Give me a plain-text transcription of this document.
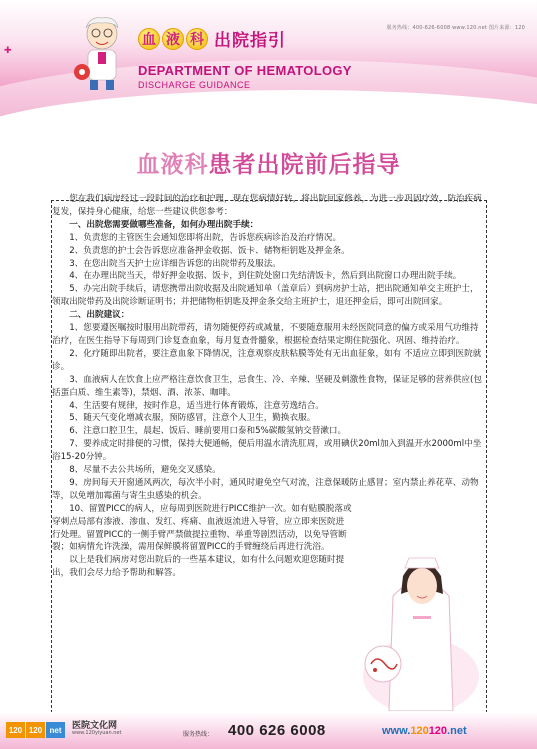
服务热线：400-626-6008 www.120.net 图片来源：120
✚
血 液 科 出院指引
DEPARTMENT OF HEMATOLOGY
DISCHARGE GUIDANCE
血液科患者出院前后指导

您在我们病房经过一段时间的治疗和护理，现在您病情好转，将出院回家修养，为进一步巩固疗效，防治疾病复发，保持身心健康，给您一些建议供您参考：

一、出院您需要做哪些准备，如何办理出院手续：

1、负责您的主管医生会通知您即将出院，告诉您疾病诊治及治疗情况。

2、负责您的护士会告诉您应准备押金收据、饭卡、储物柜钥匙及押金条。

3、在您出院当天护士应详细告诉您的出院带药及服法。

4、在办理出院当天，带好押金收据、饭卡，到住院处窗口先结清饭卡，然后到出院窗口办理出院手续。

5、办完出院手续后，请您携带出院收据及出院通知单（盖章后）到病房护士站，把出院通知单交主班护士，领取出院带药及出院诊断证明书；并把储物柜钥匙及押金条交给主班护士，退还押金后，即可出院回家。

二、出院建议：

1、您要遵医嘱按时服用出院带药，请勿随便停药或减量，不要随意服用未经医院同意的偏方或采用气功维持治疗，在医生指导下每周到门诊复查血象，每月复查骨髓象，根据检查结果定期住院强化、巩固、维持治疗。

2、化疗随即出院者，要注意血象下降情况，注意观察皮肤粘膜等处有无出血征象，如有 不适应立即到医院就诊。

3、血液病人在饮食上应严格注意饮食卫生，忌食生、冷、辛辣、坚硬及刺激性食物，保证足够的营养供应(包括蛋白质、维生素等)，禁烟、酒、浓茶、咖啡。

4、生活要有规律，按时作息，适当进行体育锻炼，注意劳逸结合。

5、随天气变化增减衣服，预防感冒，注意个人卫生，勤换衣服。

6、注意口腔卫生，晨起、饭后、睡前要用口泰和5%碳酸氢钠交替漱口。

7、要养成定时排便的习惯，保持大便通畅，便后用温水清洗肛周，或用碘伏20ml加入到温开水2000ml中坐浴15-20分钟。

8、尽量不去公共场所，避免交叉感染。

9、房间每天开窗通风两次，每次半小时，通风时避免空气对流，注意保暖防止感冒；室内禁止养花草、动物等，以免增加霉菌与寄生虫感染的机会。

10、留置PICC的病人，应每周到医院进行PICC维护一次。如有贴膜脱落或穿刺点局部有渗液、渗血、发红、疼痛、血液返流进入导管，应立即来医院进行处理。留置PICC的一侧手臂严禁做提拉重物、举重等剧烈活动，以免导管断裂；如病情允许洗澡，需用保鲜膜将留置PICC的手臂缠绕后再进行洗浴。

以上是我们病房对您出院后的一些基本建议，如有什么问题欢迎您随时提出，我们会尽力给予帮助和解答。

120 120 net	医院文化网
www.120yiyuan.net	服务热线： 400 626 6008	www.120120.net
